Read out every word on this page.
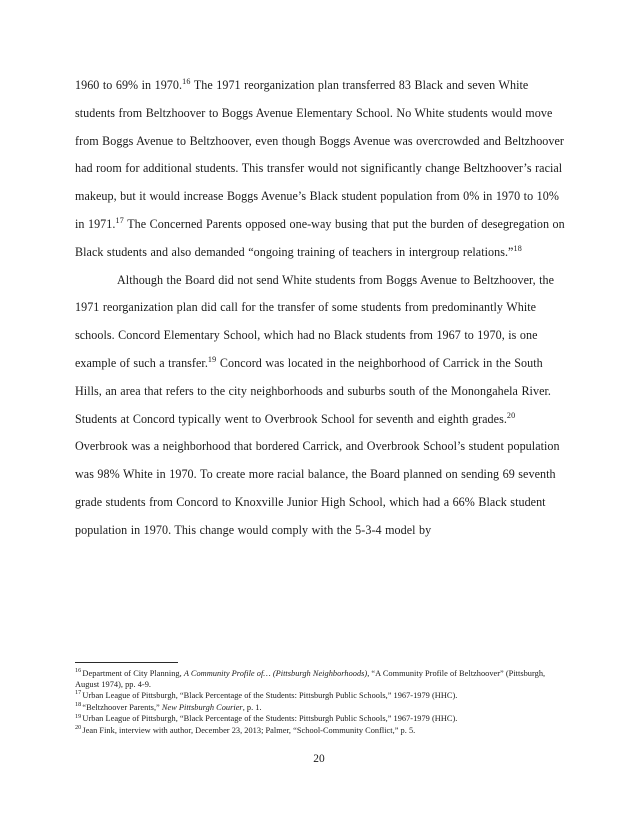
1960 to 69% in 1970.16 The 1971 reorganization plan transferred 83 Black and seven White students from Beltzhoover to Boggs Avenue Elementary School. No White students would move from Boggs Avenue to Beltzhoover, even though Boggs Avenue was overcrowded and Beltzhoover had room for additional students. This transfer would not significantly change Beltzhoover’s racial makeup, but it would increase Boggs Avenue’s Black student population from 0% in 1970 to 10% in 1971.17 The Concerned Parents opposed one-way busing that put the burden of desegregation on Black students and also demanded “ongoing training of teachers in intergroup relations.”$^{18}$

Although the Board did not send White students from Boggs Avenue to Beltzhoover, the 1971 reorganization plan did call for the transfer of some students from predominantly White schools. Concord Elementary School, which had no Black students from 1967 to 1970, is one example of such a transfer.$^{19}$ Concord was located in the neighborhood of Carrick in the South Hills, an area that refers to the city neighborhoods and suburbs south of the Monongahela River. Students at Concord typically went to Overbrook School for seventh and eighth grades.$^{20}$ Overbrook was a neighborhood that bordered Carrick, and Overbrook School’s student population was 98% White in 1970. To create more racial balance, the Board planned on sending 69 seventh grade students from Concord to Knoxville Junior High School, which had a 66% Black student population in 1970. This change would comply with the 5-3-4 model by

$^{16}$Department of City Planning, A Community Profile of… (Pittsburgh Neighborhoods), “A Community Profile of Beltzhoover” (Pittsburgh, August 1974), pp. 4-9.

$^{17}$Urban League of Pittsburgh, “Black Percentage of the Students: Pittsburgh Public Schools,” 1967-1979 (HHC).

$^{18}$“Beltzhoover Parents,” New Pittsburgh Courier, p. 1.

$^{19}$Urban League of Pittsburgh, “Black Percentage of the Students: Pittsburgh Public Schools,” 1967-1979 (HHC).

$^{20}$Jean Fink, interview with author, December 23, 2013; Palmer, “School-Community Conflict,” p. 5.

20
